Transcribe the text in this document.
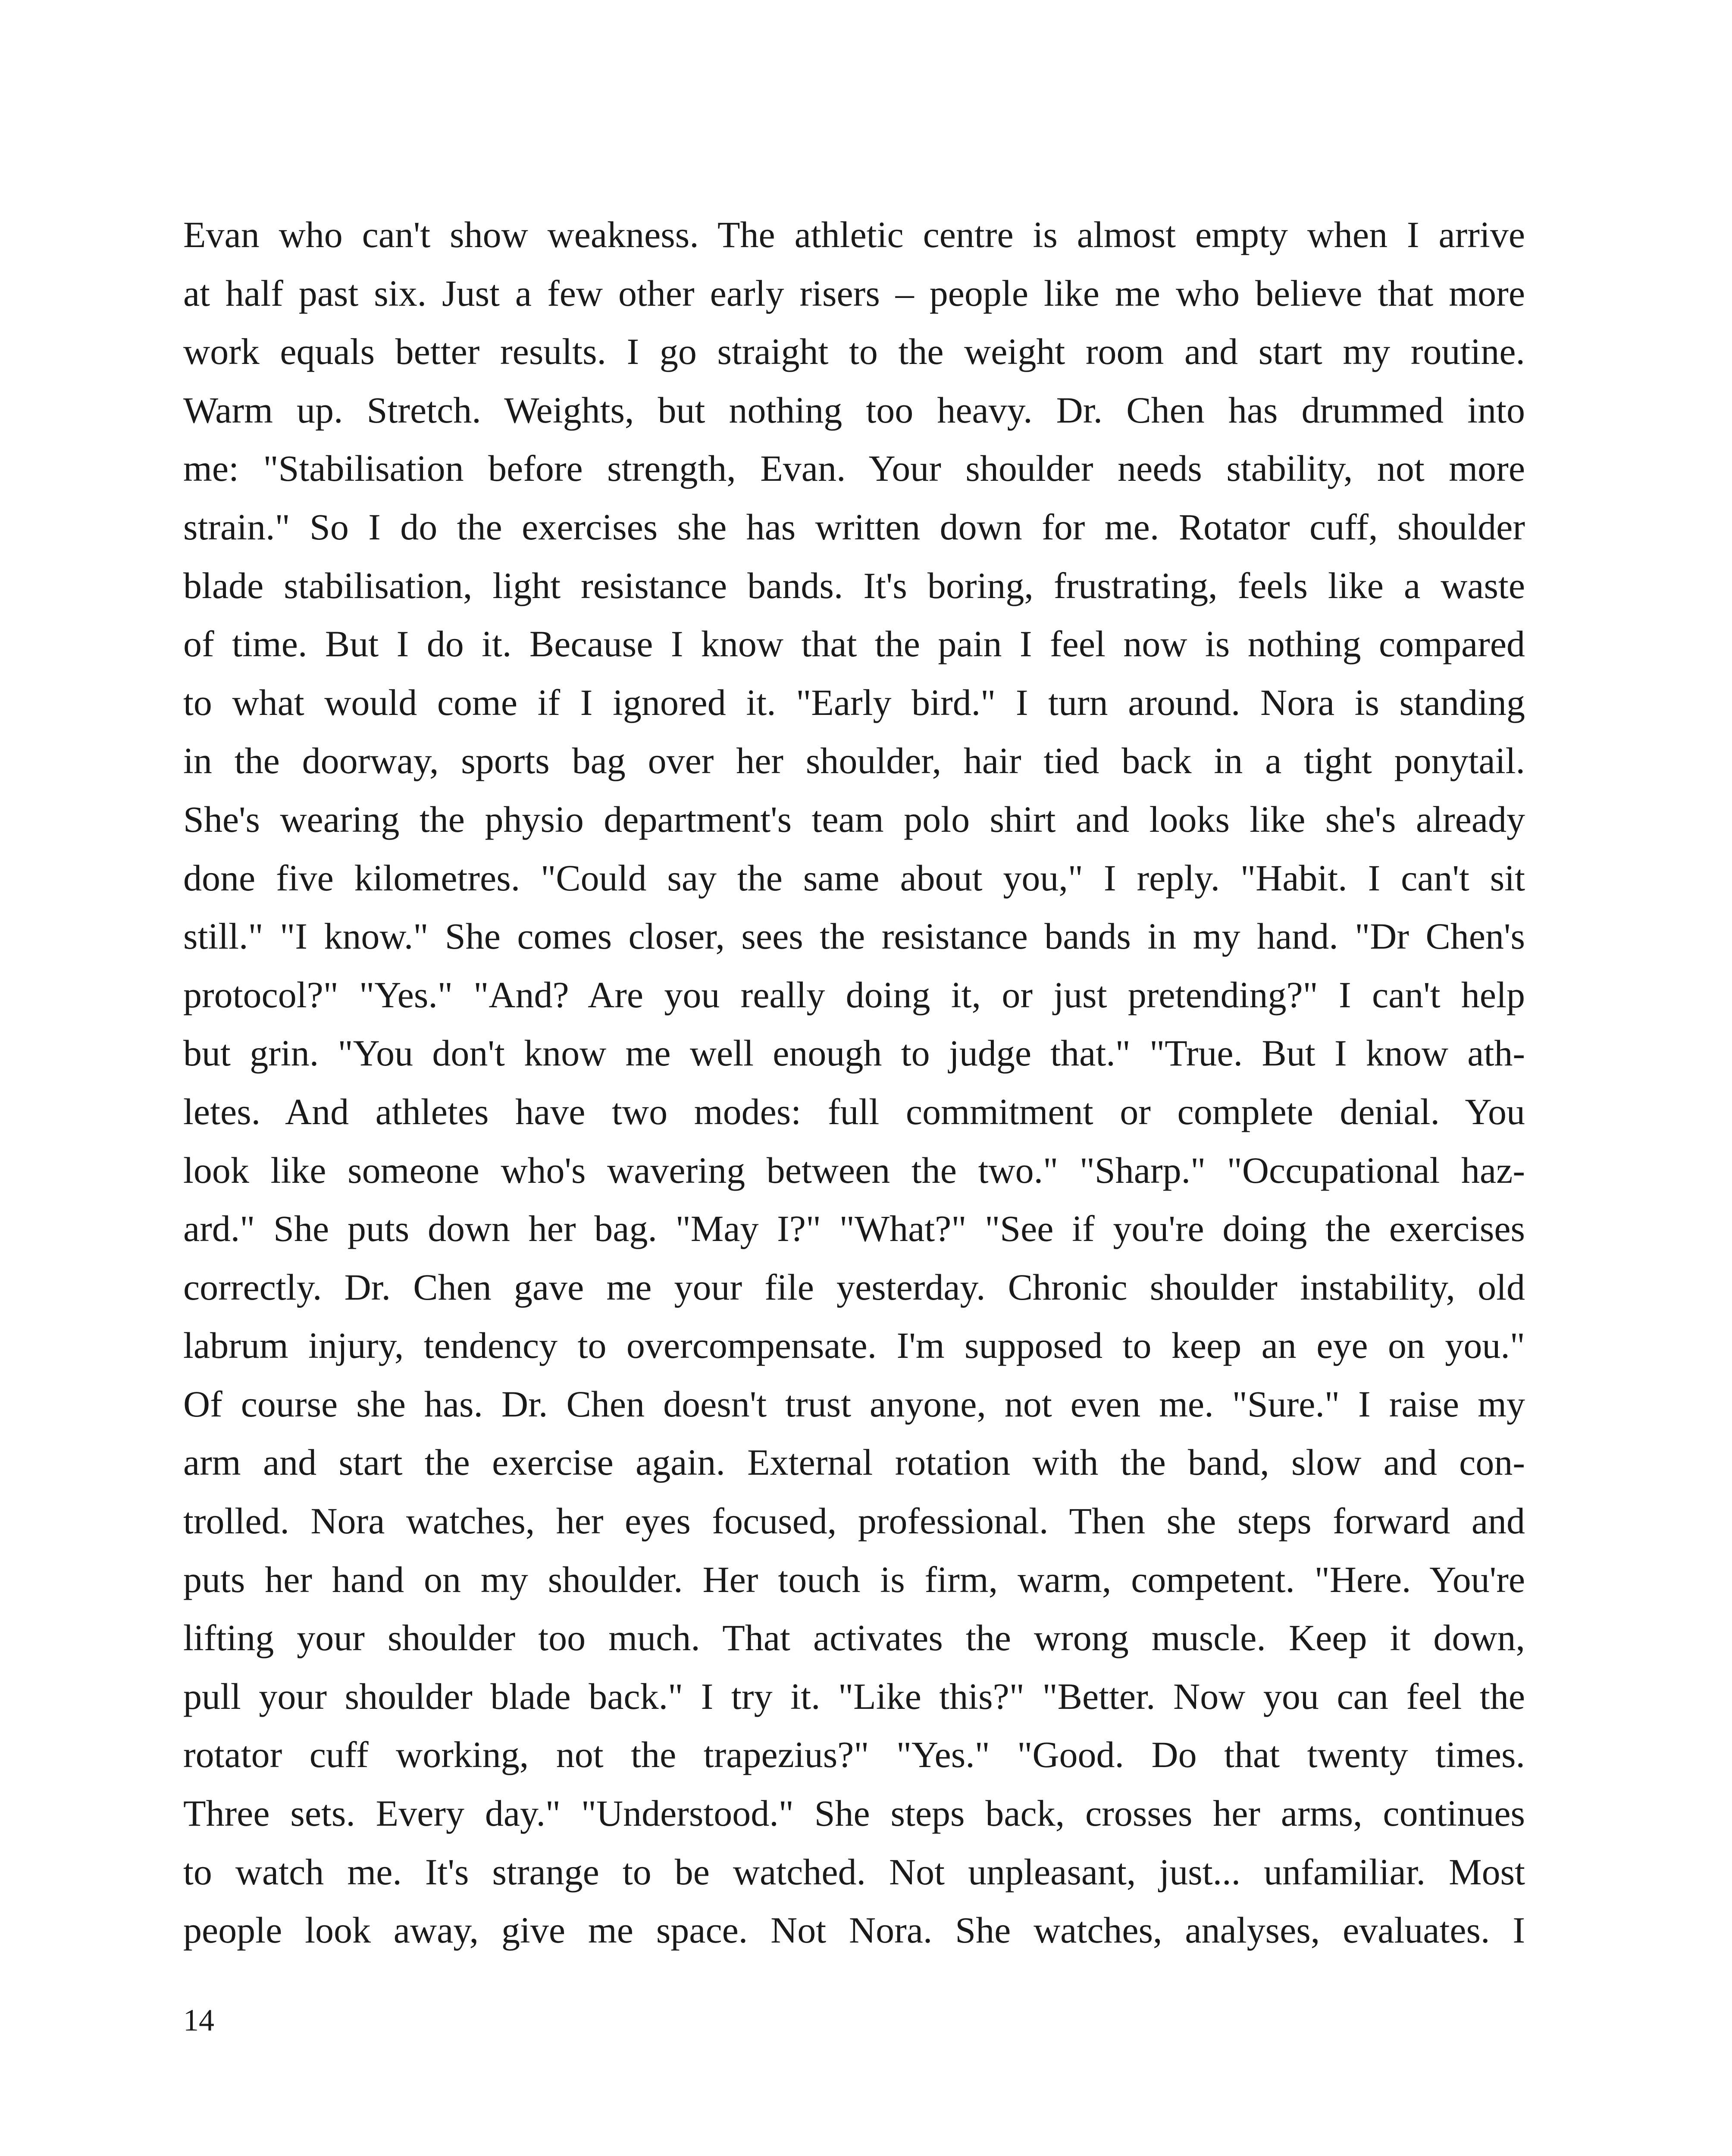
Evan who can't show weakness. The athletic centre is almost empty when I arrive
at half past six. Just a few other early risers – people like me who believe that more
work equals better results. I go straight to the weight room and start my routine.
Warm up. Stretch. Weights, but nothing too heavy. Dr. Chen has drummed into
me: "Stabilisation before strength, Evan. Your shoulder needs stability, not more
strain." So I do the exercises she has written down for me. Rotator cuff, shoulder
blade stabilisation, light resistance bands. It's boring, frustrating, feels like a waste
of time. But I do it. Because I know that the pain I feel now is nothing compared
to what would come if I ignored it. "Early bird." I turn around. Nora is standing
in the doorway, sports bag over her shoulder, hair tied back in a tight ponytail.
She's wearing the physio department's team polo shirt and looks like she's already
done five kilometres. "Could say the same about you," I reply. "Habit. I can't sit
still." "I know." She comes closer, sees the resistance bands in my hand. "Dr Chen's
protocol?" "Yes." "And? Are you really doing it, or just pretending?" I can't help
but grin. "You don't know me well enough to judge that." "True. But I know ath-
letes. And athletes have two modes: full commitment or complete denial. You
look like someone who's wavering between the two." "Sharp." "Occupational haz-
ard." She puts down her bag. "May I?" "What?" "See if you're doing the exercises
correctly. Dr. Chen gave me your file yesterday. Chronic shoulder instability, old
labrum injury, tendency to overcompensate. I'm supposed to keep an eye on you."
Of course she has. Dr. Chen doesn't trust anyone, not even me. "Sure." I raise my
arm and start the exercise again. External rotation with the band, slow and con-
trolled. Nora watches, her eyes focused, professional. Then she steps forward and
puts her hand on my shoulder. Her touch is firm, warm, competent. "Here. You're
lifting your shoulder too much. That activates the wrong muscle. Keep it down,
pull your shoulder blade back." I try it. "Like this?" "Better. Now you can feel the
rotator cuff working, not the trapezius?" "Yes." "Good. Do that twenty times.
Three sets. Every day." "Understood." She steps back, crosses her arms, continues
to watch me. It's strange to be watched. Not unpleasant, just... unfamiliar. Most
people look away, give me space. Not Nora. She watches, analyses, evaluates. I
14
